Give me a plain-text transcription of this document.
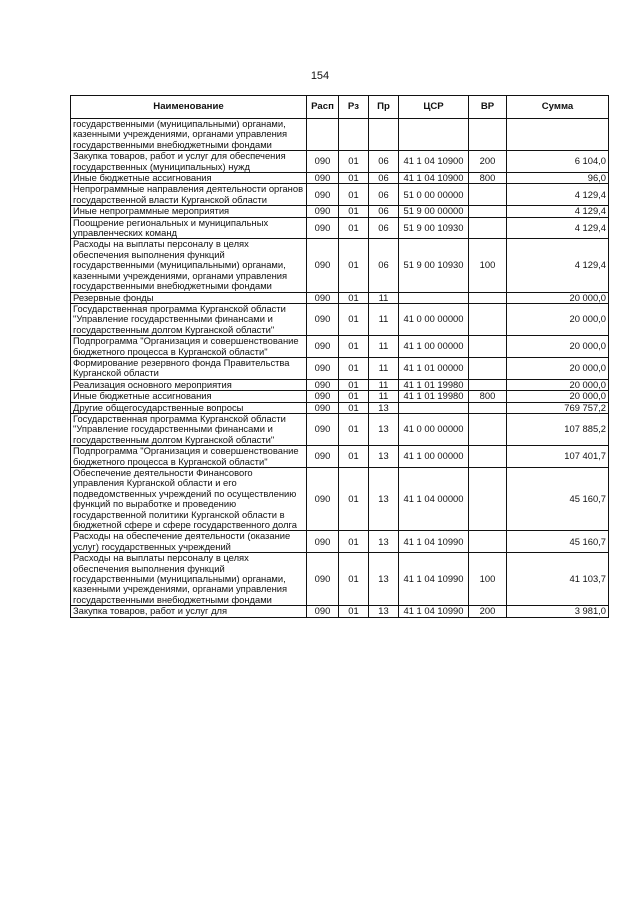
154
Наименование	Расп	Рз	Пр	ЦСР	ВР	Сумма
государственными (муниципальными) органами, казенными учреждениями, органами управления государственными внебюджетными фондами						
Закупка товаров, работ и услуг для обеспечения государственных (муниципальных) нужд	090	01	06	41 1 04 10900	200	6 104,0
Иные бюджетные ассигнования	090	01	06	41 1 04 10900	800	96,0
Непрограммные направления деятельности органов государственной власти Курганской области	090	01	06	51 0 00 00000		4 129,4
Иные непрограммные мероприятия	090	01	06	51 9 00 00000		4 129,4
Поощрение региональных и муниципальных управленческих команд	090	01	06	51 9 00 10930		4 129,4
Расходы на выплаты персоналу в целях обеспечения выполнения функций государственными (муниципальными) органами, казенными учреждениями, органами управления государственными внебюджетными фондами	090	01	06	51 9 00 10930	100	4 129,4
Резервные фонды	090	01	11			20 000,0
Государственная программа Курганской области "Управление государственными финансами и государственным долгом Курганской области"	090	01	11	41 0 00 00000		20 000,0
Подпрограмма "Организация и совершенствование бюджетного процесса в Курганской области"	090	01	11	41 1 00 00000		20 000,0
Формирование резервного фонда Правительства Курганской области	090	01	11	41 1 01 00000		20 000,0
Реализация основного мероприятия	090	01	11	41 1 01 19980		20 000,0
Иные бюджетные ассигнования	090	01	11	41 1 01 19980	800	20 000,0
Другие общегосударственные вопросы	090	01	13			769 757,2
Государственная программа Курганской области "Управление государственными финансами и государственным долгом Курганской области"	090	01	13	41 0 00 00000		107 885,2
Подпрограмма "Организация и совершенствование бюджетного процесса в Курганской области"	090	01	13	41 1 00 00000		107 401,7
Обеспечение деятельности Финансового управления Курганской области и его подведомственных учреждений по осуществлению функций по выработке и проведению государственной политики Курганской области в бюджетной сфере и сфере государственного долга	090	01	13	41 1 04 00000		45 160,7
Расходы на обеспечение деятельности (оказание услуг) государственных учреждений	090	01	13	41 1 04 10990		45 160,7
Расходы на выплаты персоналу в целях обеспечения выполнения функций государственными (муниципальными) органами, казенными учреждениями, органами управления государственными внебюджетными фондами	090	01	13	41 1 04 10990	100	41 103,7
Закупка товаров, работ и услуг для	090	01	13	41 1 04 10990	200	3 981,0
